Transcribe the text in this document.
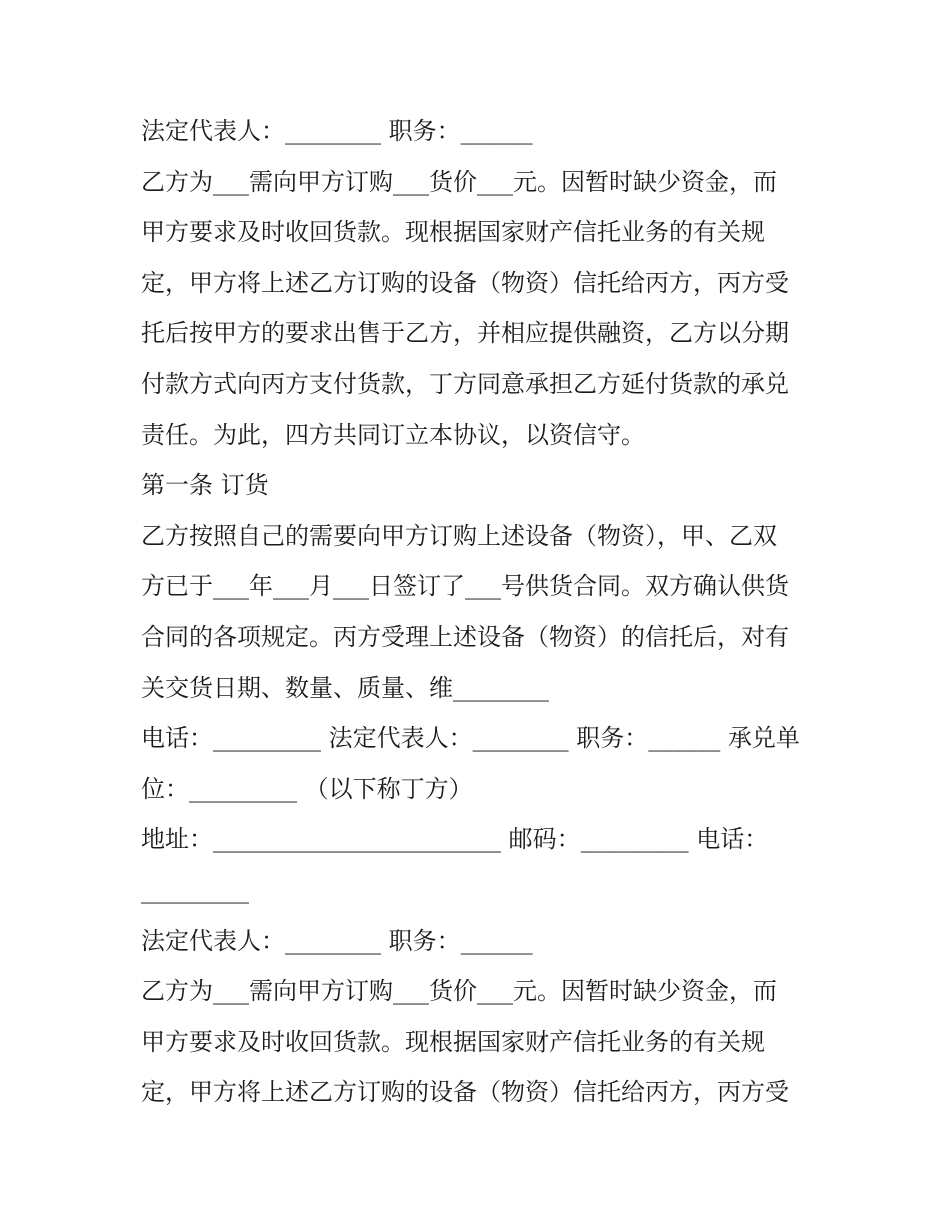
法定代表人：________ 职务：______
乙方为___需向甲方订购___货价___元。因暂时缺少资金，而
甲方要求及时收回货款。现根据国家财产信托业务的有关规
定，甲方将上述乙方订购的设备（物资）信托给丙方，丙方受
托后按甲方的要求出售于乙方，并相应提供融资，乙方以分期
付款方式向丙方支付货款，丁方同意承担乙方延付货款的承兑
责任。为此，四方共同订立本协议，以资信守。
第一条 订货
乙方按照自己的需要向甲方订购上述设备（物资），甲、乙双
方已于___年___月___日签订了___号供货合同。双方确认供货
合同的各项规定。丙方受理上述设备（物资）的信托后，对有
关交货日期、数量、质量、维________
电话：_________ 法定代表人：________ 职务：______ 承兑单
位：_________ （以下称丁方）
地址：________________________ 邮码：_________ 电话：
_________
法定代表人：________ 职务：______
乙方为___需向甲方订购___货价___元。因暂时缺少资金，而
甲方要求及时收回货款。现根据国家财产信托业务的有关规
定，甲方将上述乙方订购的设备（物资）信托给丙方，丙方受
